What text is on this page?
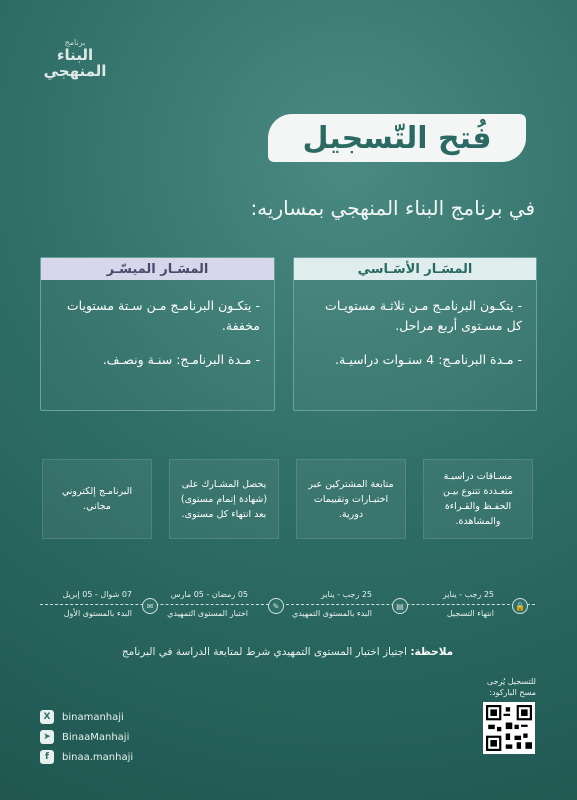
برنامج
البناء المنهجي
فُتح التّسجيل
في برنامج البناء المنهجي بمساريه:
المسَـار الأسَـاسي

- يتكـون البرنامـج مـن ثلاثـة مستويـات كل مسـتوى أربع مراحل.

- مـدة البرنامـج: 4 سنـوات دراسيـة.

المسَـار الميسّـر

- يتكـون البرنامـج مـن سـتة مستويات مخففة.

- مـدة البرنامـج: سنـة ونصـف.

مسـاقات دراسيـة متعـددة تتنوع بيـن الحفـظ والقـراءة والمشاهدة.
متابعة المشتركين عبر اختبـارات وتقييمات دورية.
يحصل المشـارك على (شهادة إتمام مستوى) بعد انتهاء كل مستوى.
البرنامـج إلكتروني مجاني.
🔒
25 رجب - يناير
انتهاء التسجيل
▤
25 رجب - يناير
البدء بالمستوى التمهيدي
✎
05 رمضان - 05 مارس
اختبار المستوى التمهيدي
✉
07 شوال - 05 إبريل
البدء بالمستوى الأول
ملاحظة: اجتياز اختبار المستوى التمهيدي شرط لمتابعة الدراسة في البرنامج
X	binamanhaji
➤	BinaaManhaji
f	binaa.manhaji
للتسجيل يُرجى مسح الباركود:
